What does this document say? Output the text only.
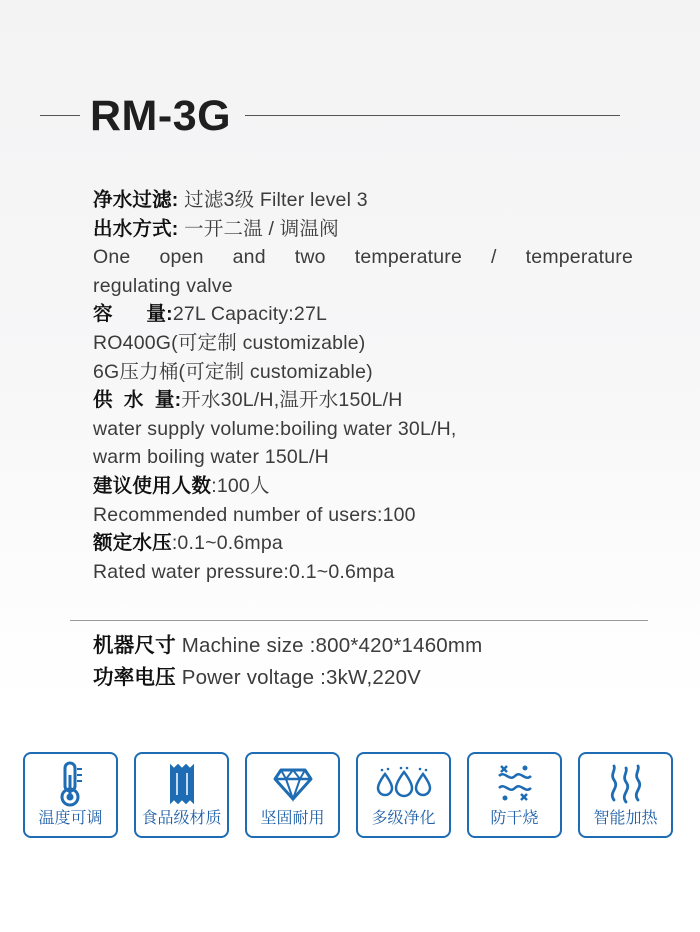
RM-3G
净水过滤: 过滤3级 Filter level 3
出水方式: 一开二温 / 调温阀
One open and two temperature / temperature
regulating valve
容      量:27L Capacity:27L
RO400G(可定制 customizable)
6G压力桶(可定制 customizable)
供  水  量:开水30L/H,温开水150L/H
water supply volume:boiling water 30L/H,
warm boiling water 150L/H
建议使用人数:100人
Recommended number of users:100
额定水压:0.1~0.6mpa
Rated water pressure:0.1~0.6mpa
机器尺寸 Machine size :800*420*1460mm
功率电压 Power voltage :3kW,220V
温度可调	食品级材质	坚固耐用	多级净化	防干烧	智能加热
